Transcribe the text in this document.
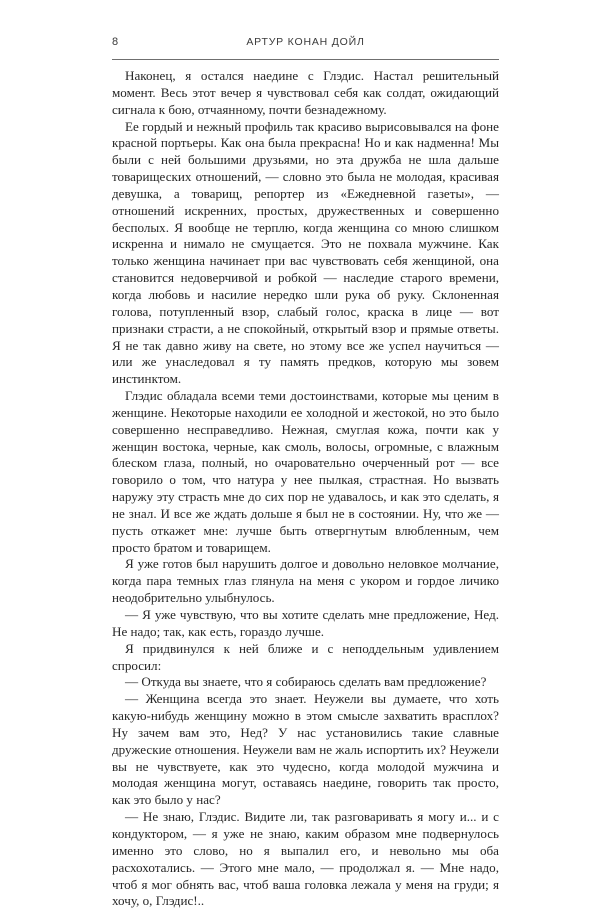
8	АРТУР КОНАН ДОЙЛ

Наконец, я остался наедине с Глэдис. Настал решительный момент. Весь этот вечер я чувствовал себя как солдат, ожидающий сигнала к бою, отчаянному, почти безнадежному.

Ее гордый и нежный профиль так красиво вырисовывался на фоне красной портьеры. Как она была прекрасна! Но и как надменна! Мы были с ней большими друзьями, но эта дружба не шла дальше товарищеских отношений, — словно это была не молодая, красивая девушка, а товарищ, репортер из «Ежедневной газеты», — отношений искренних, простых, дружественных и совершенно бесполых. Я вообще не терплю, когда женщина со мною слишком искренна и нимало не смущается. Это не похвала мужчине. Как только женщина начинает при вас чувствовать себя женщиной, она становится недоверчивой и робкой — наследие старого времени, когда любовь и насилие нередко шли рука об руку. Склоненная голова, потупленный взор, слабый голос, краска в лице — вот признаки страсти, а не спокойный, открытый взор и прямые ответы. Я не так давно живу на свете, но этому все же успел научиться — или же унаследовал я ту память предков, которую мы зовем инстинктом.

Глэдис обладала всеми теми достоинствами, которые мы ценим в женщине. Некоторые находили ее холодной и жестокой, но это было совершенно несправедливо. Нежная, смуглая кожа, почти как у женщин востока, черные, как смоль, волосы, огромные, с влажным блеском глаза, полный, но очаровательно очерченный рот — все говорило о том, что натура у нее пылкая, страстная. Но вызвать наружу эту страсть мне до сих пор не удавалось, и как это сделать, я не знал. И все же ждать дольше я был не в состоянии. Ну, что же — пусть откажет мне: лучше быть отвергнутым влюбленным, чем просто братом и товарищем.

Я уже готов был нарушить долгое и довольно неловкое молчание, когда пара темных глаз глянула на меня с укором и гордое личико неодобрительно улыбнулось.

— Я уже чувствую, что вы хотите сделать мне предложение, Нед. Не надо; так, как есть, гораздо лучше.

Я придвинулся к ней ближе и с неподдельным удивлением спросил:

— Откуда вы знаете, что я собираюсь сделать вам предложение?

— Женщина всегда это знает. Неужели вы думаете, что хоть какую-нибудь женщину можно в этом смысле захватить врасплох? Ну зачем вам это, Нед? У нас установились такие славные дружеские отношения. Неужели вам не жаль испортить их? Неужели вы не чувствуете, как это чудесно, когда молодой мужчина и молодая женщина могут, оставаясь наедине, говорить так просто, как это было у нас?

— Не знаю, Глэдис. Видите ли, так разговаривать я могу и... и с кондуктором, — я уже не знаю, каким образом мне подвернулось именно это слово, но я выпалил его, и невольно мы оба расхохотались. — Этого мне мало, — продолжал я. — Мне надо, чтоб я мог обнять вас, чтоб ваша головка лежала у меня на груди; я хочу, о, Глэдис!..
